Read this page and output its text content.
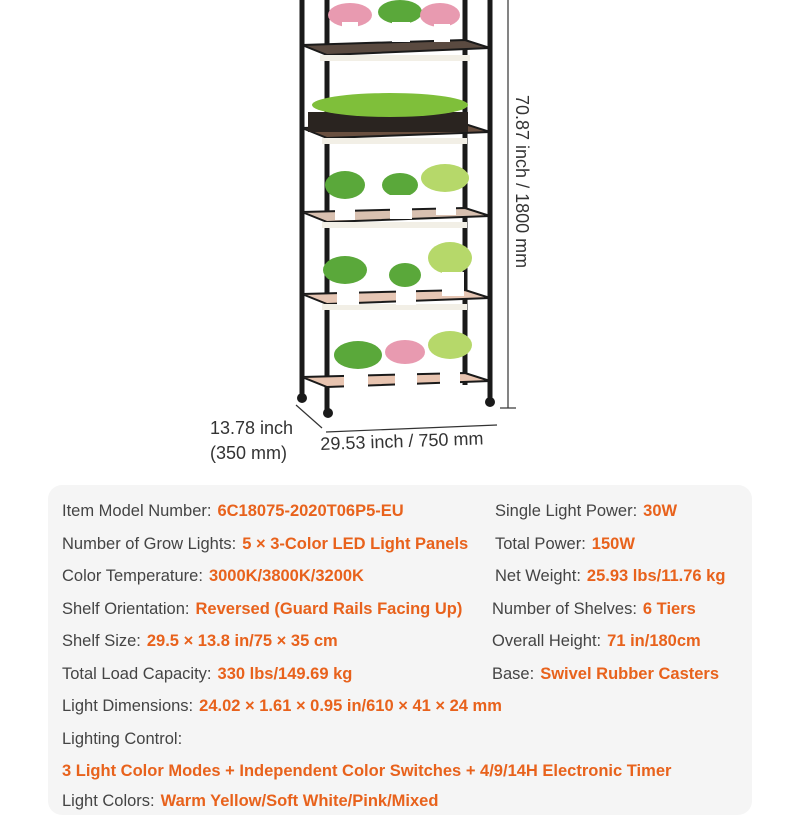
70.87 inch / 1800 mm
13.78 inch
(350 mm) 29.53 inch / 750 mm
Item Model Number: 6C18075-2020T06P5-EU
Number of Grow Lights: 5 × 3-Color LED Light Panels
Color Temperature: 3000K/3800K/3200K
Shelf Orientation: Reversed (Guard Rails Facing Up)
Shelf Size: 29.5 × 13.8 in/75 × 35 cm
Total Load Capacity: 330 lbs/149.69 kg
Light Dimensions: 24.02 × 1.61 × 0.95 in/610 × 41 × 24 mm
Single Light Power: 30W
Total Power: 150W
Net Weight: 25.93 lbs/11.76 kg
Number of Shelves: 6 Tiers
Overall Height: 71 in/180cm
Base: Swivel Rubber Casters
Lighting Control:
3 Light Color Modes + Independent Color Switches + 4/9/14H Electronic Timer
Light Colors: Warm Yellow/Soft White/Pink/Mixed
